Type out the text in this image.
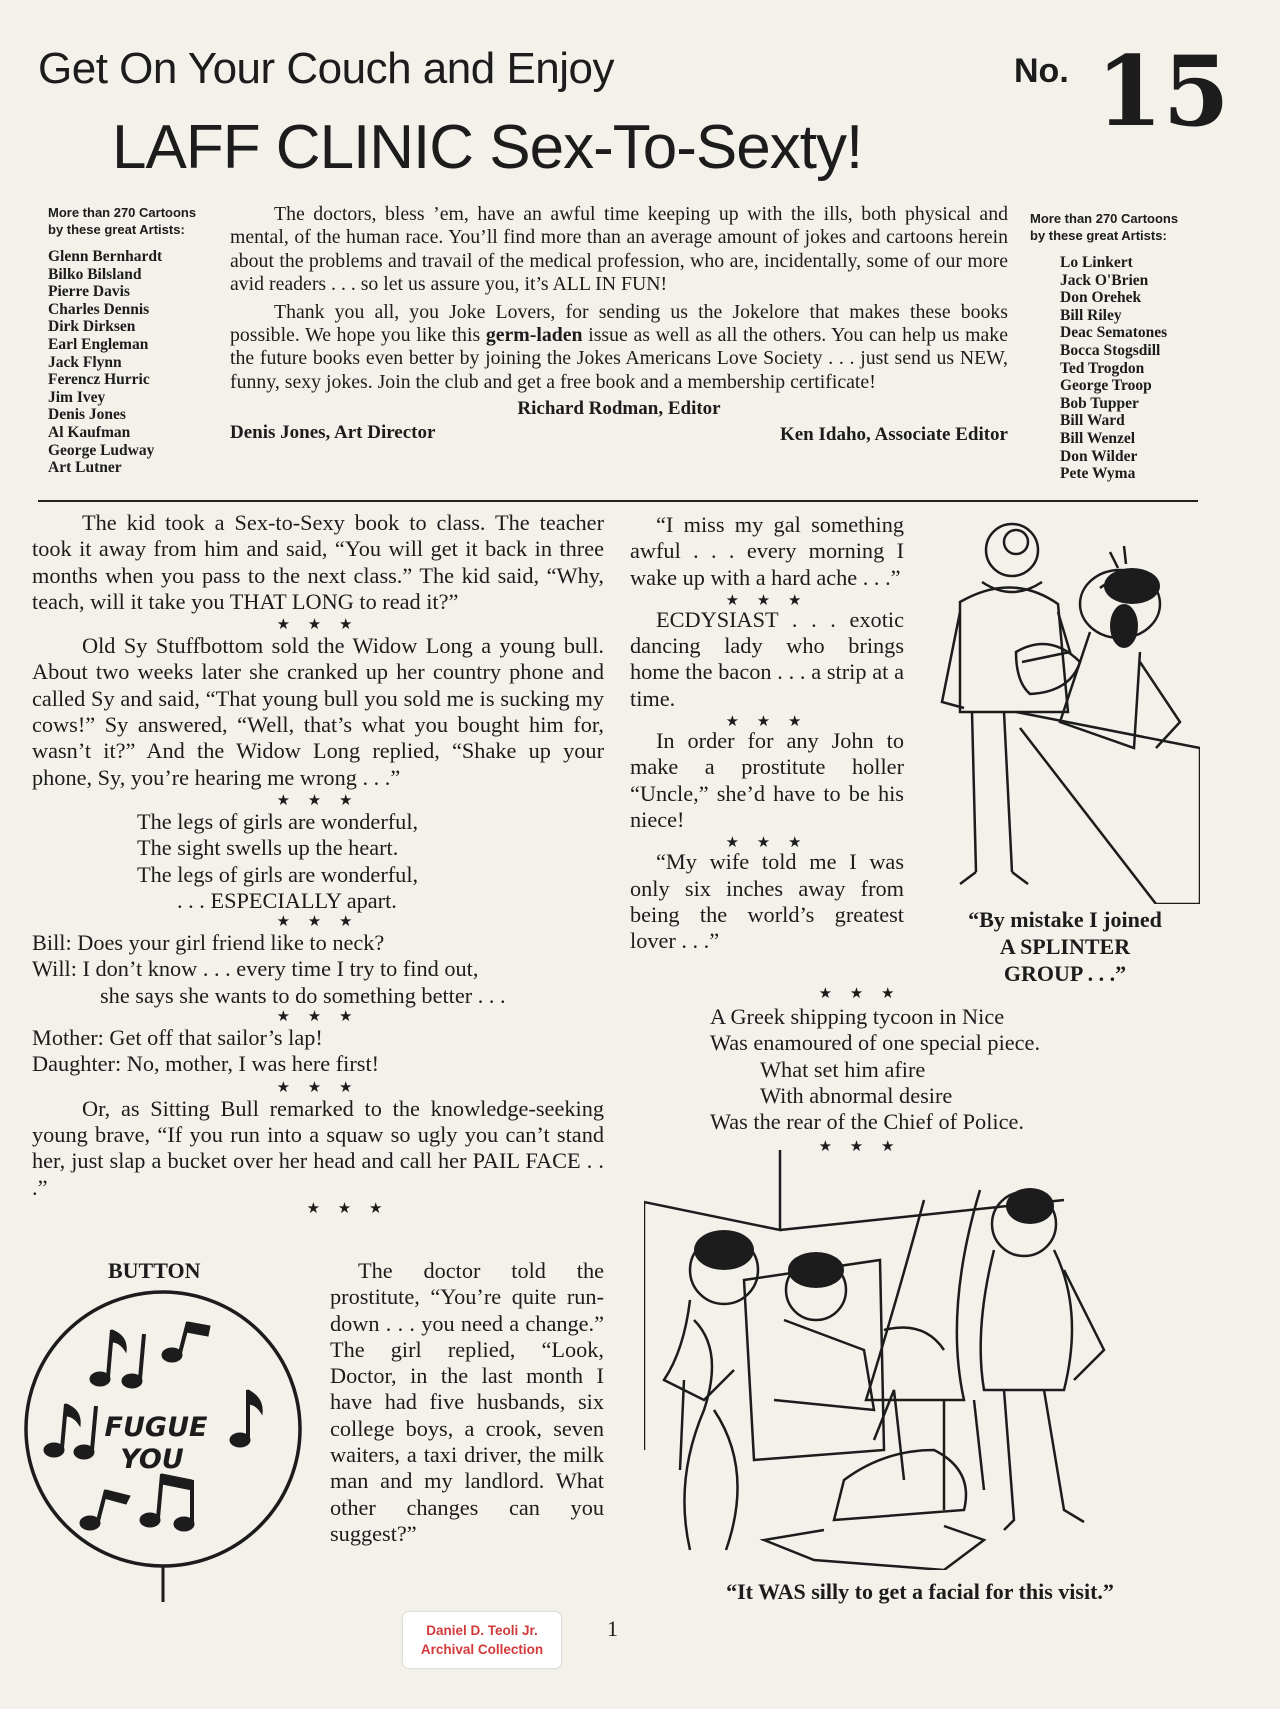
Get On Your Couch and Enjoy
LAFF CLINIC Sex-To-Sexty!
No. 15
More than 270 Cartoons
by these great Artists:
Glenn Bernhardt
Bilko Bilsland
Pierre Davis
Charles Dennis
Dirk Dirksen
Earl Engleman
Jack Flynn
Ferencz Hurric
Jim Ivey
Denis Jones
Al Kaufman
George Ludway
Art Lutner
More than 270 Cartoons
by these great Artists:
Lo Linkert
Jack O'Brien
Don Orehek
Bill Riley
Deac Sematones
Bocca Stogsdill
Ted Trogdon
George Troop
Bob Tupper
Bill Ward
Bill Wenzel
Don Wilder
Pete Wyma

The doctors, bless ’em, have an awful time keeping up with the ills, both physical and mental, of the human race. You’ll find more than an average amount of jokes and cartoons herein about the problems and travail of the medical profession, who are, incidentally, some of our more avid readers . . . so let us assure you, it’s ALL IN FUN!

Thank you all, you Joke Lovers, for sending us the Jokelore that makes these books possible. We hope you like this germ-laden issue as well as all the others. You can help us make the future books even better by joining the Jokes Americans Love Society . . . just send us NEW, funny, sexy jokes. Join the club and get a free book and a membership certificate!

Richard Rodman, Editor
Denis Jones, Art Director	Ken Idaho, Associate Editor

The kid took a Sex-to-Sexy book to class. The teacher took it away from him and said, “You will get it back in three months when you pass to the next class.” The kid said, “Why, teach, will it take you THAT LONG to read it?”

★ ★ ★

Old Sy Stuffbottom sold the Widow Long a young bull. About two weeks later she cranked up her country phone and called Sy and said, “That young bull you sold me is sucking my cows!” Sy answered, “Well, that’s what you bought him for, wasn’t it?” And the Widow Long replied, “Shake up your phone, Sy, you’re hearing me wrong . . .”

★ ★ ★
The legs of girls are wonderful,
The sight swells up the heart.
The legs of girls are wonderful,
. . . ESPECIALLY apart.
★ ★ ★
Bill: Does your girl friend like to neck?
Will: I don’t know . . . every time I try to find out,
she says she wants to do something better . . .
★ ★ ★
Mother: Get off that sailor’s lap!
Daughter: No, mother, I was here first!
★ ★ ★

Or, as Sitting Bull remarked to the knowledge-seeking young brave, “If you run into a squaw so ugly you can’t stand her, just slap a bucket over her head and call her PAIL FACE . . .”

★ ★ ★
BUTTON
FUGUE
YOU

The doctor told the prostitute, “You’re quite run-down . . . you need a change.” The girl replied, “Look, Doctor, in the last month I have had five husbands, six college boys, a crook, seven waiters, a taxi driver, the milk man and my landlord. What other changes can you suggest?”

“I miss my gal something awful . . . every morning I wake up with a hard ache . . .”

★ ★ ★

ECDYSIAST . . . exotic dancing lady who brings home the bacon . . . a strip at a time.

★ ★ ★

In order for any John to make a prostitute holler “Uncle,” she’d have to be his niece!

★ ★ ★

“My wife told me I was only six inches away from being the world’s greatest lover . . .”

“By mistake I joined
A SPLINTER
GROUP . . .”
★ ★ ★
A Greek shipping tycoon in Nice
Was enamoured of one special piece.
What set him afire
With abnormal desire
Was the rear of the Chief of Police.
★ ★ ★
“It WAS silly to get a facial for this visit.”
1
Daniel D. Teoli Jr.
Archival Collection
